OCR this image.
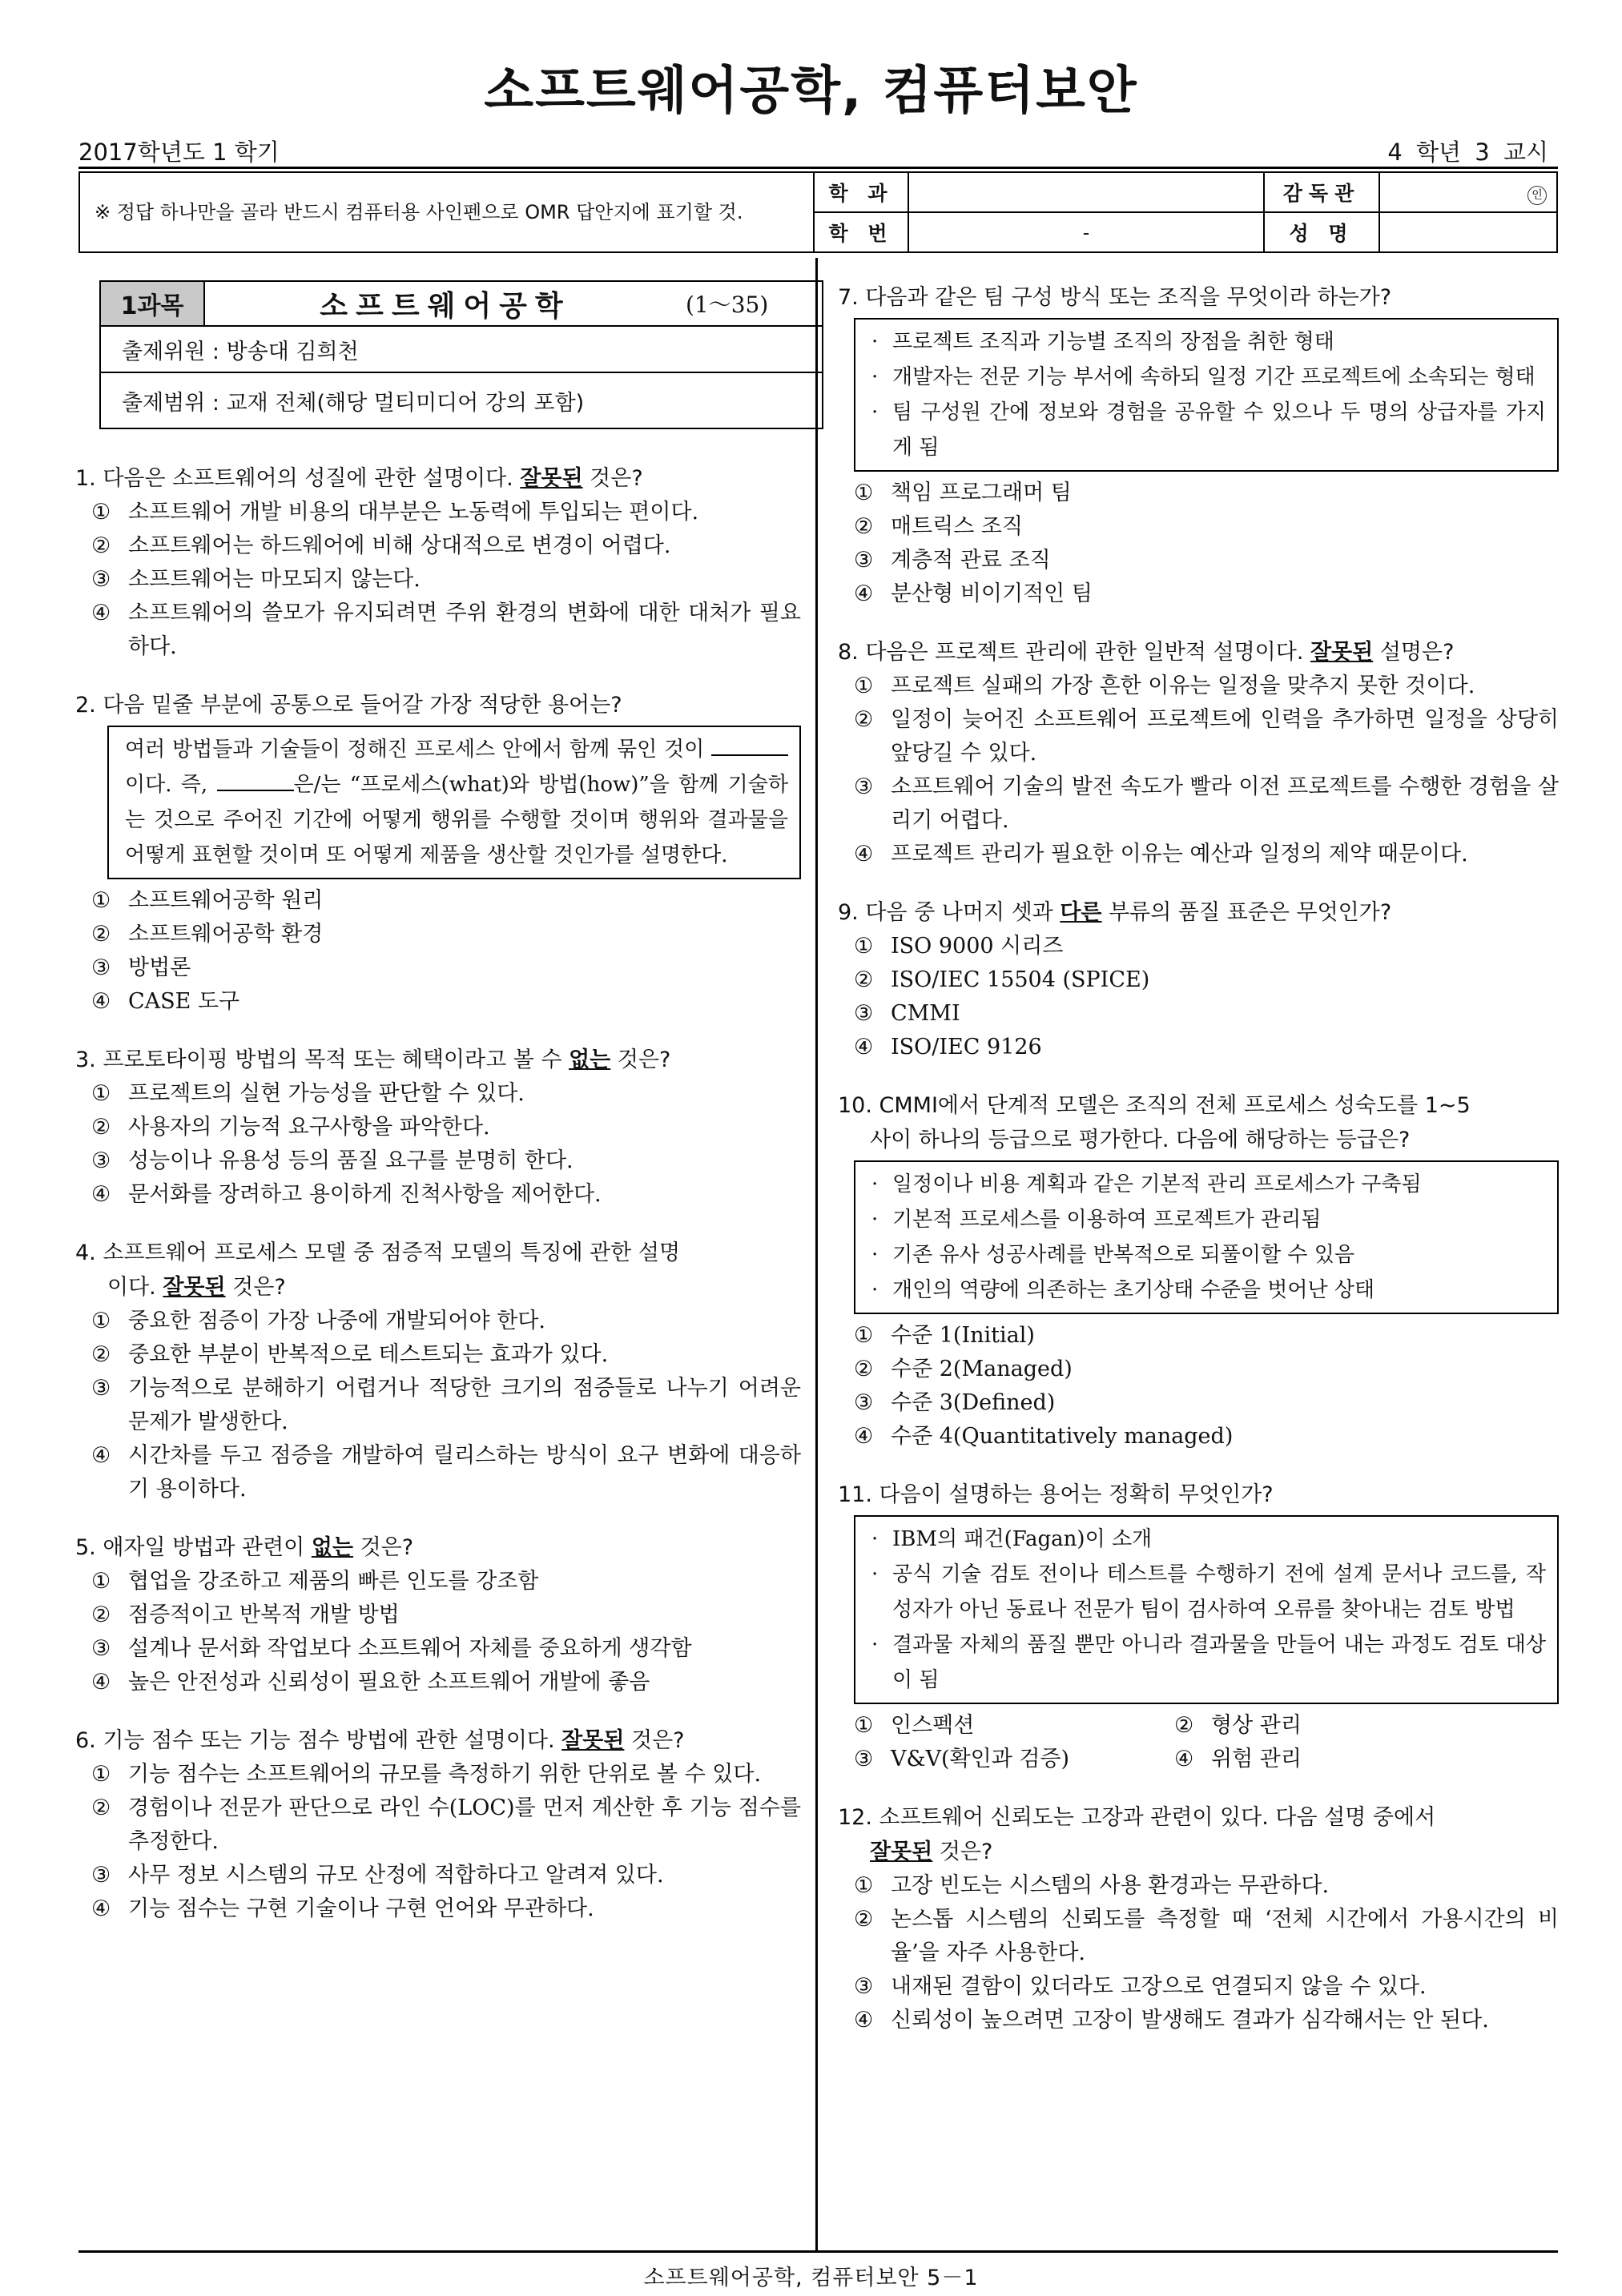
소프트웨어공학, 컴퓨터보안
2017학년도 1 학기	4 학년 3 교시
※ 정답 하나만을 골라 반드시 컴퓨터용 사인펜으로 OMR 답안지에 표기할 것.	학 과		감독관	인
	학 번	-	성 명	
1과목	소프트웨어공학	(1～35)
출제위원 : 방송대 김희천
출제범위 : 교재 전체(해당 멀티미디어 강의 포함)
1. 다음은 소프트웨어의 성질에 관한 설명이다. 잘못된 것은?
① 소프트웨어 개발 비용의 대부분은 노동력에 투입되는 편이다.
② 소프트웨어는 하드웨어에 비해 상대적으로 변경이 어렵다.
③ 소프트웨어는 마모되지 않는다.
④ 소프트웨어의 쓸모가 유지되려면 주위 환경의 변화에 대한 대처가 필요하다.
2. 다음 밑줄 부분에 공통으로 들어갈 가장 적당한 용어는?
여러 방법들과 기술들이 정해진 프로세스 안에서 함께 묶인 것이 이다. 즉,	은/는 “프로세스(what)와 방법(how)”을 함께 기술하는 것으로 주어진 기간에 어떻게 행위를 수행할 것이며 행위와 결과물을 어떻게 표현할 것이며 또 어떻게 제품을 생산할 것인가를 설명한다.
① 소프트웨어공학 원리
② 소프트웨어공학 환경
③ 방법론
④ CASE 도구
3. 프로토타이핑 방법의 목적 또는 혜택이라고 볼 수 없는 것은?
① 프로젝트의 실현 가능성을 판단할 수 있다.
② 사용자의 기능적 요구사항을 파악한다.
③ 성능이나 유용성 등의 품질 요구를 분명히 한다.
④ 문서화를 장려하고 용이하게 진척사항을 제어한다.
4. 소프트웨어 프로세스 모델 중 점증적 모델의 특징에 관한 설명
이다. 잘못된 것은?
① 중요한 점증이 가장 나중에 개발되어야 한다.
② 중요한 부분이 반복적으로 테스트되는 효과가 있다.
③ 기능적으로 분해하기 어렵거나 적당한 크기의 점증들로 나누기 어려운 문제가 발생한다.
④ 시간차를 두고 점증을 개발하여 릴리스하는 방식이 요구 변화에 대응하기 용이하다.
5. 애자일 방법과 관련이 없는 것은?
① 협업을 강조하고 제품의 빠른 인도를 강조함
② 점증적이고 반복적 개발 방법
③ 설계나 문서화 작업보다 소프트웨어 자체를 중요하게 생각함
④ 높은 안전성과 신뢰성이 필요한 소프트웨어 개발에 좋음
6. 기능 점수 또는 기능 점수 방법에 관한 설명이다. 잘못된 것은?
① 기능 점수는 소프트웨어의 규모를 측정하기 위한 단위로 볼 수 있다.
② 경험이나 전문가 판단으로 라인 수(LOC)를 먼저 계산한 후 기능 점수를 추정한다.
③ 사무 정보 시스템의 규모 산정에 적합하다고 알려져 있다.
④ 기능 점수는 구현 기술이나 구현 언어와 무관하다.
7. 다음과 같은 팀 구성 방식 또는 조직을 무엇이라 하는가?
· 프로젝트 조직과 기능별 조직의 장점을 취한 형태
· 개발자는 전문 기능 부서에 속하되 일정 기간 프로젝트에 소속되는 형태
· 팀 구성원 간에 정보와 경험을 공유할 수 있으나 두 명의 상급자를 가지게 됨
① 책임 프로그래머 팀
② 매트릭스 조직
③ 계층적 관료 조직
④ 분산형 비이기적인 팀
8. 다음은 프로젝트 관리에 관한 일반적 설명이다. 잘못된 설명은?
① 프로젝트 실패의 가장 흔한 이유는 일정을 맞추지 못한 것이다.
② 일정이 늦어진 소프트웨어 프로젝트에 인력을 추가하면 일정을 상당히 앞당길 수 있다.
③ 소프트웨어 기술의 발전 속도가 빨라 이전 프로젝트를 수행한 경험을 살리기 어렵다.
④ 프로젝트 관리가 필요한 이유는 예산과 일정의 제약 때문이다.
9. 다음 중 나머지 셋과 다른 부류의 품질 표준은 무엇인가?
① ISO 9000 시리즈
② ISO/IEC 15504 (SPICE)
③ CMMI
④ ISO/IEC 9126
10. CMMI에서 단계적 모델은 조직의 전체 프로세스 성숙도를 1~5
사이 하나의 등급으로 평가한다. 다음에 해당하는 등급은?
· 일정이나 비용 계획과 같은 기본적 관리 프로세스가 구축됨
· 기본적 프로세스를 이용하여 프로젝트가 관리됨
· 기존 유사 성공사례를 반복적으로 되풀이할 수 있음
· 개인의 역량에 의존하는 초기상태 수준을 벗어난 상태
① 수준 1(Initial)
② 수준 2(Managed)
③ 수준 3(Defined)
④ 수준 4(Quantitatively managed)
11. 다음이 설명하는 용어는 정확히 무엇인가?
· IBM의 패건(Fagan)이 소개
· 공식 기술 검토 전이나 테스트를 수행하기 전에 설계 문서나 코드를, 작성자가 아닌 동료나 전문가 팀이 검사하여 오류를 찾아내는 검토 방법
· 결과물 자체의 품질 뿐만 아니라 결과물을 만들어 내는 과정도 검토 대상이 됨
① 인스펙션	② 형상 관리
③ V&V(확인과 검증)	④ 위험 관리
12. 소프트웨어 신뢰도는 고장과 관련이 있다. 다음 설명 중에서
잘못된 것은?
① 고장 빈도는 시스템의 사용 환경과는 무관하다.
② 논스톱 시스템의 신뢰도를 측정할 때 ‘전체 시간에서 가용시간의 비율’을 자주 사용한다.
③ 내재된 결함이 있더라도 고장으로 연결되지 않을 수 있다.
④ 신뢰성이 높으려면 고장이 발생해도 결과가 심각해서는 안 된다.
소프트웨어공학, 컴퓨터보안 5－1
